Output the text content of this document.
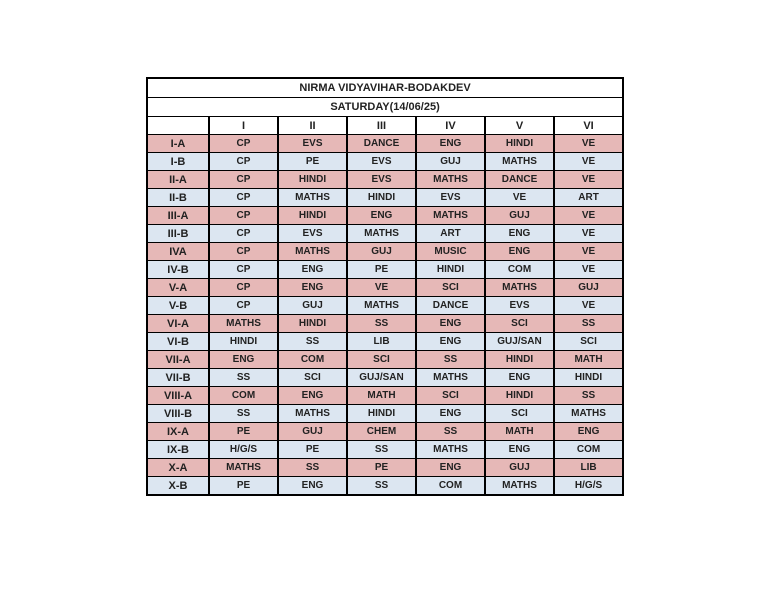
NIRMA VIDYAVIHAR-BODAKDEV						
SATURDAY(14/06/25)						
	I	II	III	IV	V	VI
I-A	CP	EVS	DANCE	ENG	HINDI	VE
I-B	CP	PE	EVS	GUJ	MATHS	VE
II-A	CP	HINDI	EVS	MATHS	DANCE	VE
II-B	CP	MATHS	HINDI	EVS	VE	ART
III-A	CP	HINDI	ENG	MATHS	GUJ	VE
III-B	CP	EVS	MATHS	ART	ENG	VE
IVA	CP	MATHS	GUJ	MUSIC	ENG	VE
IV-B	CP	ENG	PE	HINDI	COM	VE
V-A	CP	ENG	VE	SCI	MATHS	GUJ
V-B	CP	GUJ	MATHS	DANCE	EVS	VE
VI-A	MATHS	HINDI	SS	ENG	SCI	SS
VI-B	HINDI	SS	LIB	ENG	GUJ/SAN	SCI
VII-A	ENG	COM	SCI	SS	HINDI	MATH
VII-B	SS	SCI	GUJ/SAN	MATHS	ENG	HINDI
VIII-A	COM	ENG	MATH	SCI	HINDI	SS
VIII-B	SS	MATHS	HINDI	ENG	SCI	MATHS
IX-A	PE	GUJ	CHEM	SS	MATH	ENG
IX-B	H/G/S	PE	SS	MATHS	ENG	COM
X-A	MATHS	SS	PE	ENG	GUJ	LIB
X-B	PE	ENG	SS	COM	MATHS	H/G/S
